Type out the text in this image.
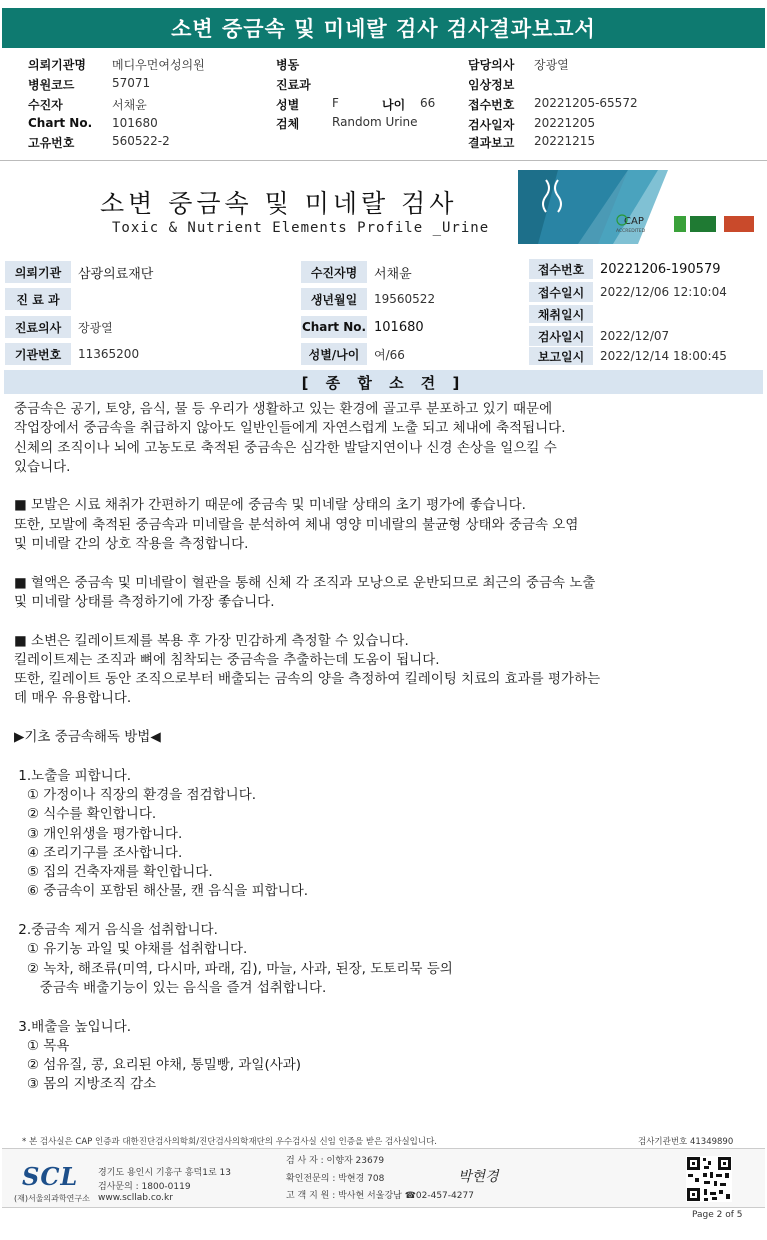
소변 중금속 및 미네랄 검사 검사결과보고서
의뢰기관명 메디우먼여성의원
병원코드	57071
수진자	서채윤
Chart No. 101680
고유번호	560522-2
병동
진료과
성별	F	나이 66
검체	Random Urine
담당의사 장광열
임상정보
접수번호 20221205-65572
검사일자 20221205
결과보고 20221215
소변 중금속 및 미네랄 검사
Toxic & Nutrient Elements Profile _Urine	CAP
ACCREDITED
의뢰기관	삼광의료재단
진 료 과
진료의사	장광열
기관번호	11365200
수진자명	서채윤
생년월일	19560522
Chart No. 101680
성별/나이	여/66
접수번호	20221206-190579
접수일시	2022/12/06 12:10:04
채취일시
검사일시	2022/12/07
보고일시	2022/12/14 18:00:45
[ 종 합 소 견 ]
중금속은 공기, 토양, 음식, 물 등 우리가 생활하고 있는 환경에 골고루 분포하고 있기 때문에
작업장에서 중금속을 취급하지 않아도 일반인들에게 자연스럽게 노출 되고 체내에 축적됩니다.
신체의 조직이나 뇌에 고농도로 축적된 중금속은 심각한 발달지연이나 신경 손상을 일으킬 수
있습니다.
■ 모발은 시료 채취가 간편하기 때문에 중금속 및 미네랄 상태의 초기 평가에 좋습니다.
또한, 모발에 축적된 중금속과 미네랄을 분석하여 체내 영양 미네랄의 불균형 상태와 중금속 오염
및 미네랄 간의 상호 작용을 측정합니다.
■ 혈액은 중금속 및 미네랄이 혈관을 통해 신체 각 조직과 모낭으로 운반되므로 최근의 중금속 노출
및 미네랄 상태를 측정하기에 가장 좋습니다.
■ 소변은 킬레이트제를 복용 후 가장 민감하게 측정할 수 있습니다.
킬레이트제는 조직과 뼈에 침착되는 중금속을 추출하는데 도움이 됩니다.
또한, 킬레이트 동안 조직으로부터 배출되는 금속의 양을 측정하여 킬레이팅 치료의 효과를 평가하는
데 매우 유용합니다.
▶기초 중금속해독 방법◀
1.노출을 피합니다.
① 가정이나 직장의 환경을 점검합니다.
② 식수를 확인합니다.
③ 개인위생을 평가합니다.
④ 조리기구를 조사합니다.
⑤ 집의 건축자재를 확인합니다.
⑥ 중금속이 포함된 해산물, 캔 음식을 피합니다.
2.중금속 제거 음식을 섭취합니다.
① 유기농 과일 및 야채를 섭취합니다.
② 녹차, 해조류(미역, 다시마, 파래, 김), 마늘, 사과, 된장, 도토리묵 등의
중금속 배출기능이 있는 음식을 즐겨 섭취합니다.
3.배출을 높입니다.
① 목욕
② 섬유질, 콩, 요리된 야채, 통밀빵, 과일(사과)
③ 몸의 지방조직 감소
* 본 검사실은 CAP 인증과 대한진단검사의학회/진단검사의학재단의 우수검사실 신임 인증을 받은 검사실입니다.	검사기관번호 41349890
SCL
(재)서울의과학연구소
경기도 용인시 기흥구 흥덕1로 13
검사문의 : 1800-0119
www.scllab.co.kr
검 사 자 : 이향자 23679
확인전문의 : 박현경 708
고 객 지 원 : 박사현 서울강남 ☎02-457-4277
박현경
Page 2 of 5
